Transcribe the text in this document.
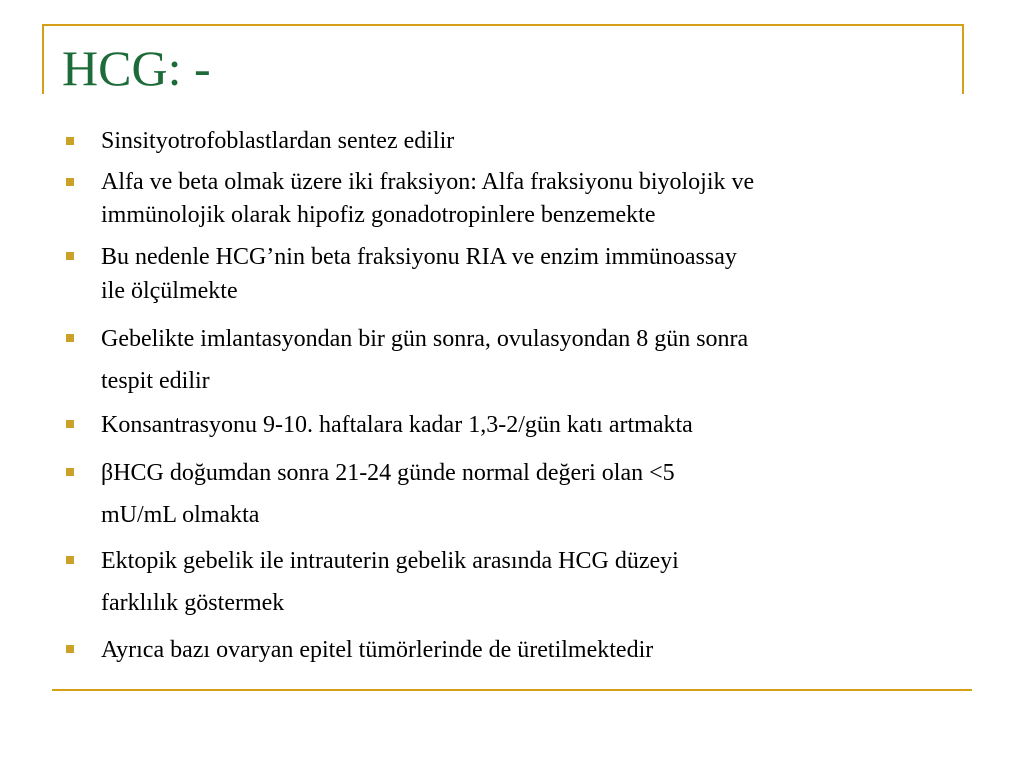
HCG: -
Sinsityotrofoblastlardan sentez edilir
Alfa ve beta olmak üzere iki fraksiyon: Alfa fraksiyonu biyolojik ve
immünolojik olarak hipofiz gonadotropinlere benzemekte
Bu nedenle HCG’nin beta fraksiyonu RIA ve enzim immünoassay
ile ölçülmekte
Gebelikte imlantasyondan bir gün sonra, ovulasyondan 8 gün sonra
tespit edilir
Konsantrasyonu 9-10. haftalara kadar 1,3-2/gün katı artmakta
βHCG doğumdan sonra 21-24 günde normal değeri olan <5
mU/mL olmakta
Ektopik gebelik ile intrauterin gebelik arasında HCG düzeyi
farklılık göstermek
Ayrıca bazı ovaryan epitel tümörlerinde de üretilmektedir
